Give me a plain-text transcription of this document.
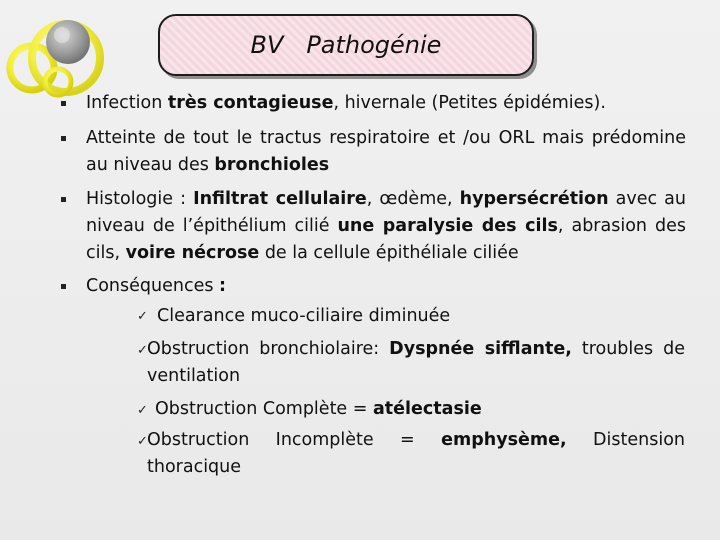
BV Pathogénie
Infection très contagieuse, hivernale (Petites épidémies).
Atteinte de tout le tractus respiratoire et /ou ORL mais prédomine au niveau des bronchioles
Histologie : Infiltrat cellulaire, œdème, hypersécrétion avec au niveau de l’épithélium cilié une paralysie des cils, abrasion des cils, voire nécrose de la cellule épithéliale ciliée
Conséquences :
✓ Clearance muco-ciliaire diminuée
✓ Obstruction bronchiolaire: Dyspnée sifflante, troubles de ventilation
✓ Obstruction Complète = atélectasie
✓ Obstruction Incomplète = emphysème, Distension thoracique
